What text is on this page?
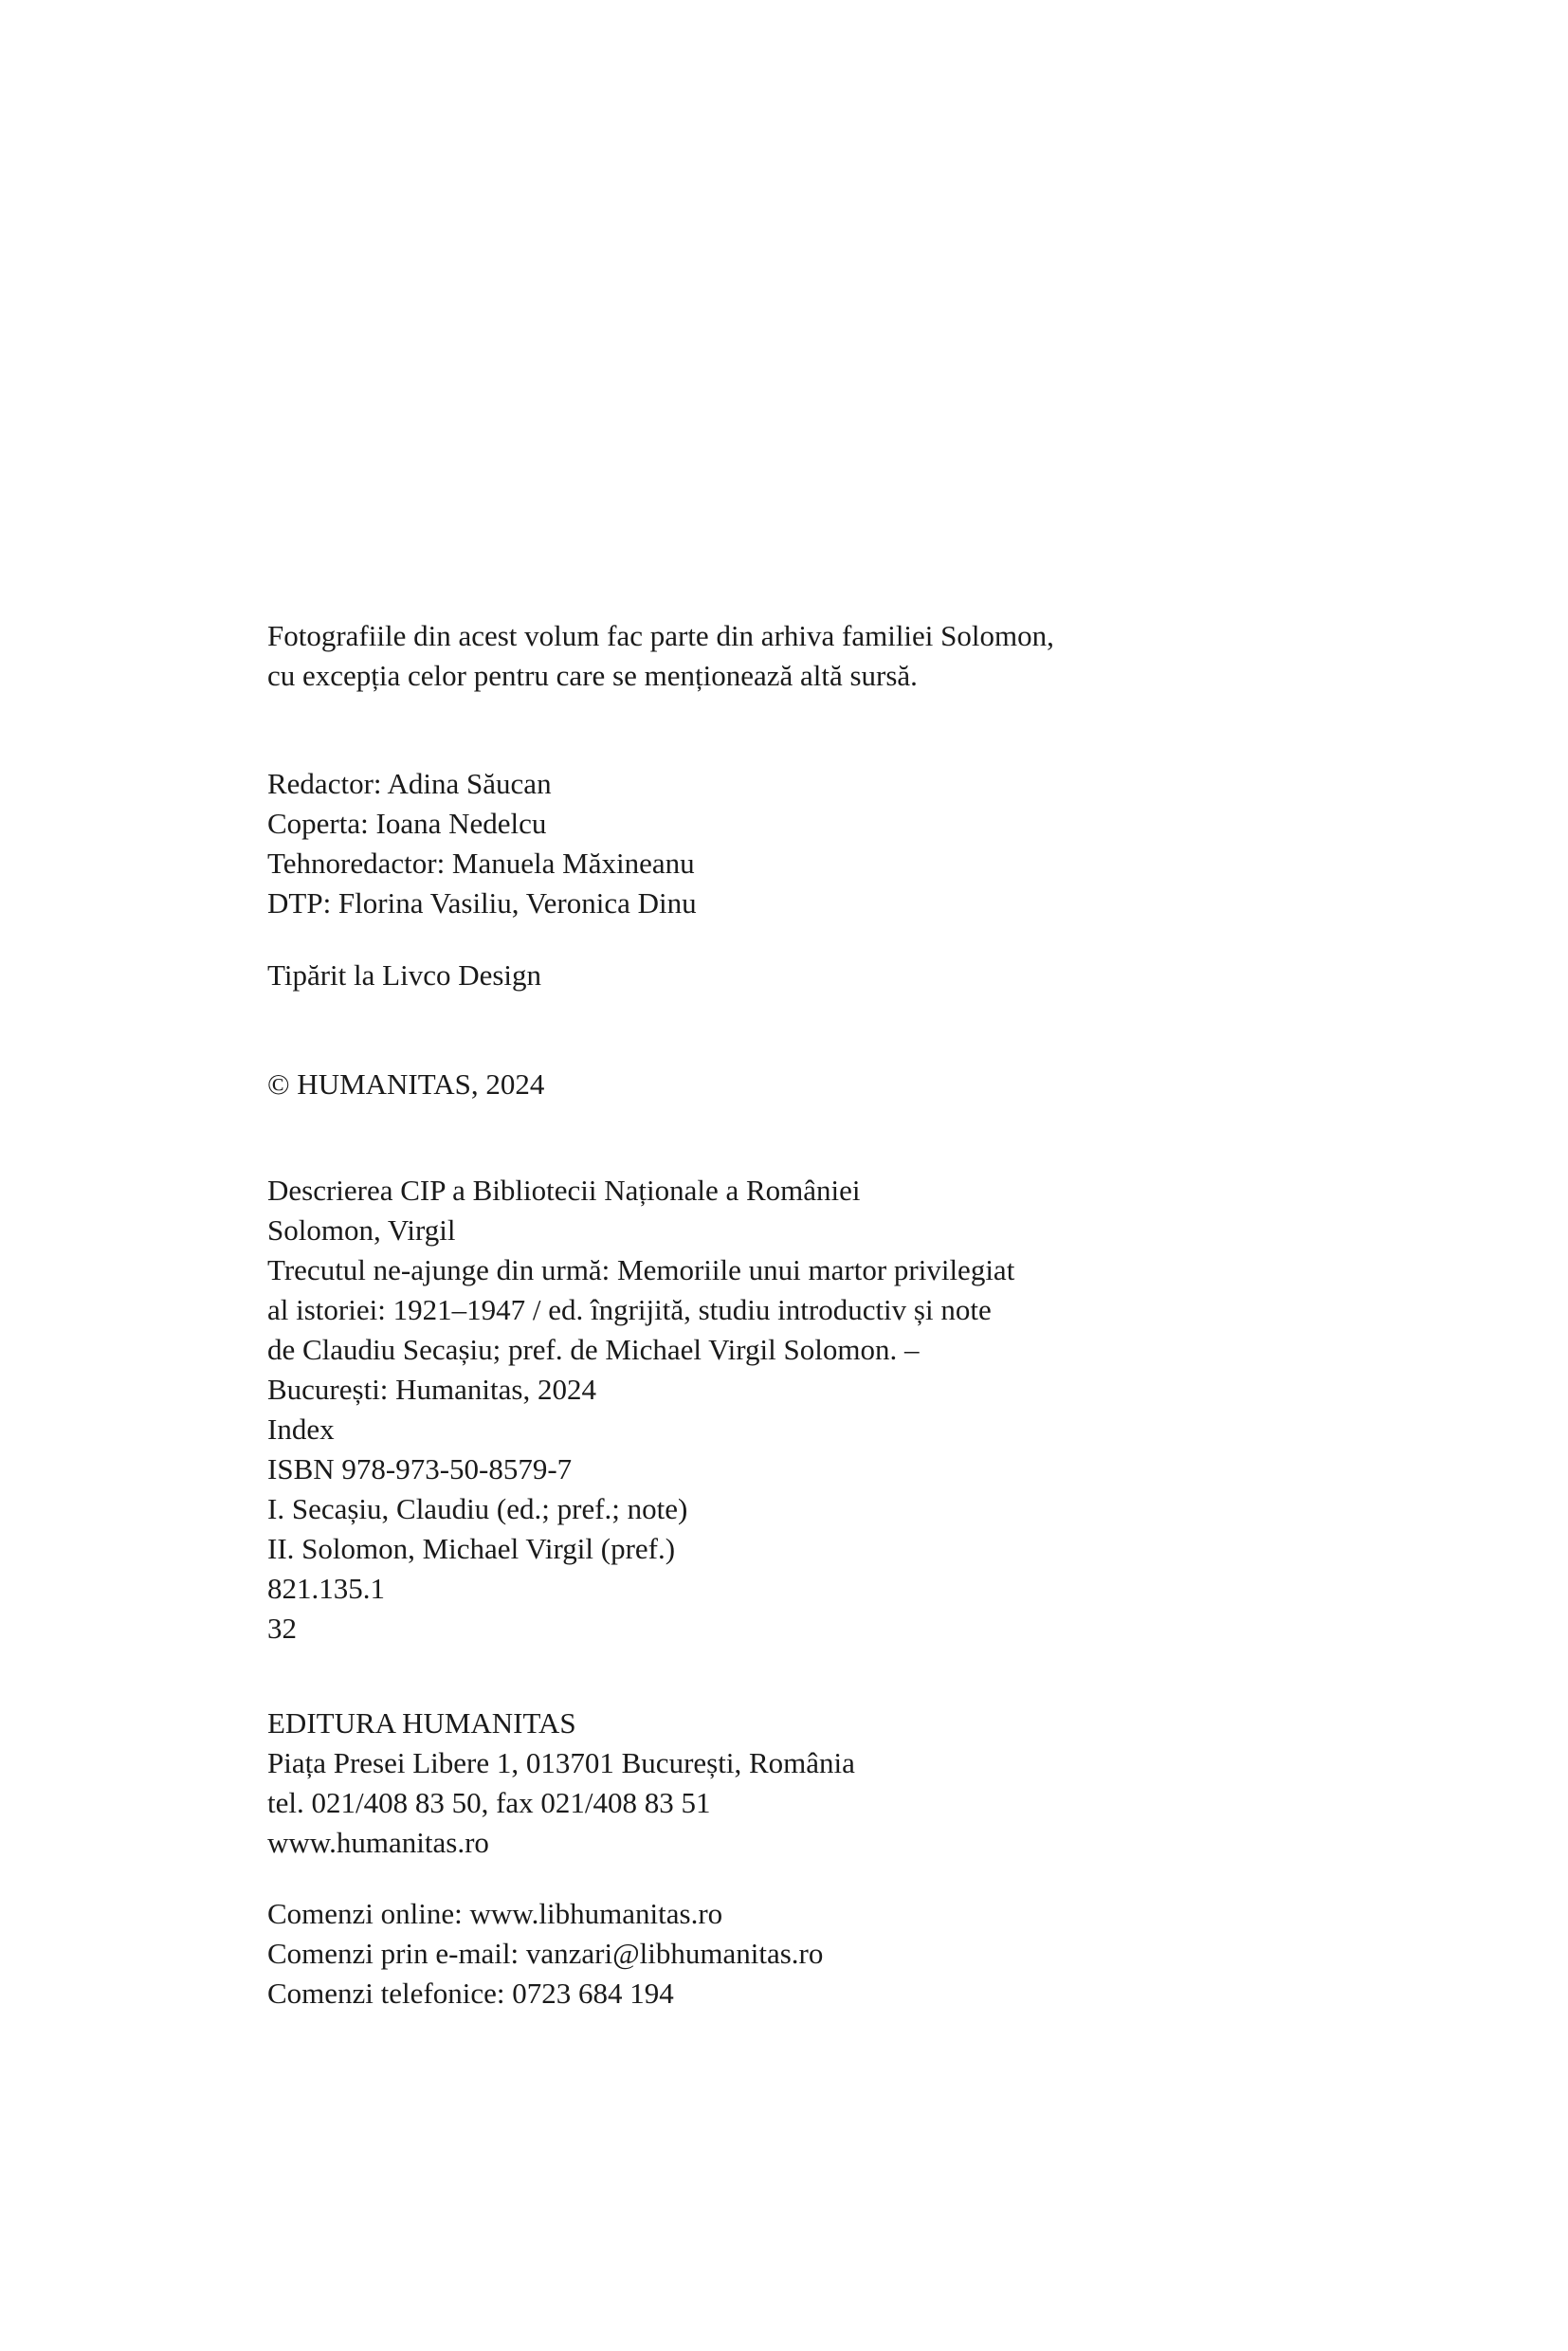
Fotografiile din acest volum fac parte din arhiva familiei Solomon,
cu excepția celor pentru care se menționează altă sursă.
Redactor: Adina Săucan
Coperta: Ioana Nedelcu
Tehnoredactor: Manuela Măxineanu
DTP: Florina Vasiliu, Veronica Dinu
Tipărit la Livco Design
© HUMANITAS, 2024
Descrierea CIP a Bibliotecii Naționale a României
Solomon, Virgil
Trecutul ne-ajunge din urmă: Memoriile unui martor privilegiat
al istoriei: 1921–1947 / ed. îngrijită, studiu introductiv și note
de Claudiu Secașiu; pref. de Michael Virgil Solomon. –
București: Humanitas, 2024
Index
ISBN 978-973-50-8579-7
I. Secașiu, Claudiu (ed.; pref.; note)
II. Solomon, Michael Virgil (pref.)
821.135.1
32
EDITURA HUMANITAS
Piața Presei Libere 1, 013701 București, România
tel. 021/408 83 50, fax 021/408 83 51
www.humanitas.ro
Comenzi online: www.libhumanitas.ro
Comenzi prin e-mail: vanzari@libhumanitas.ro
Comenzi telefonice: 0723 684 194
